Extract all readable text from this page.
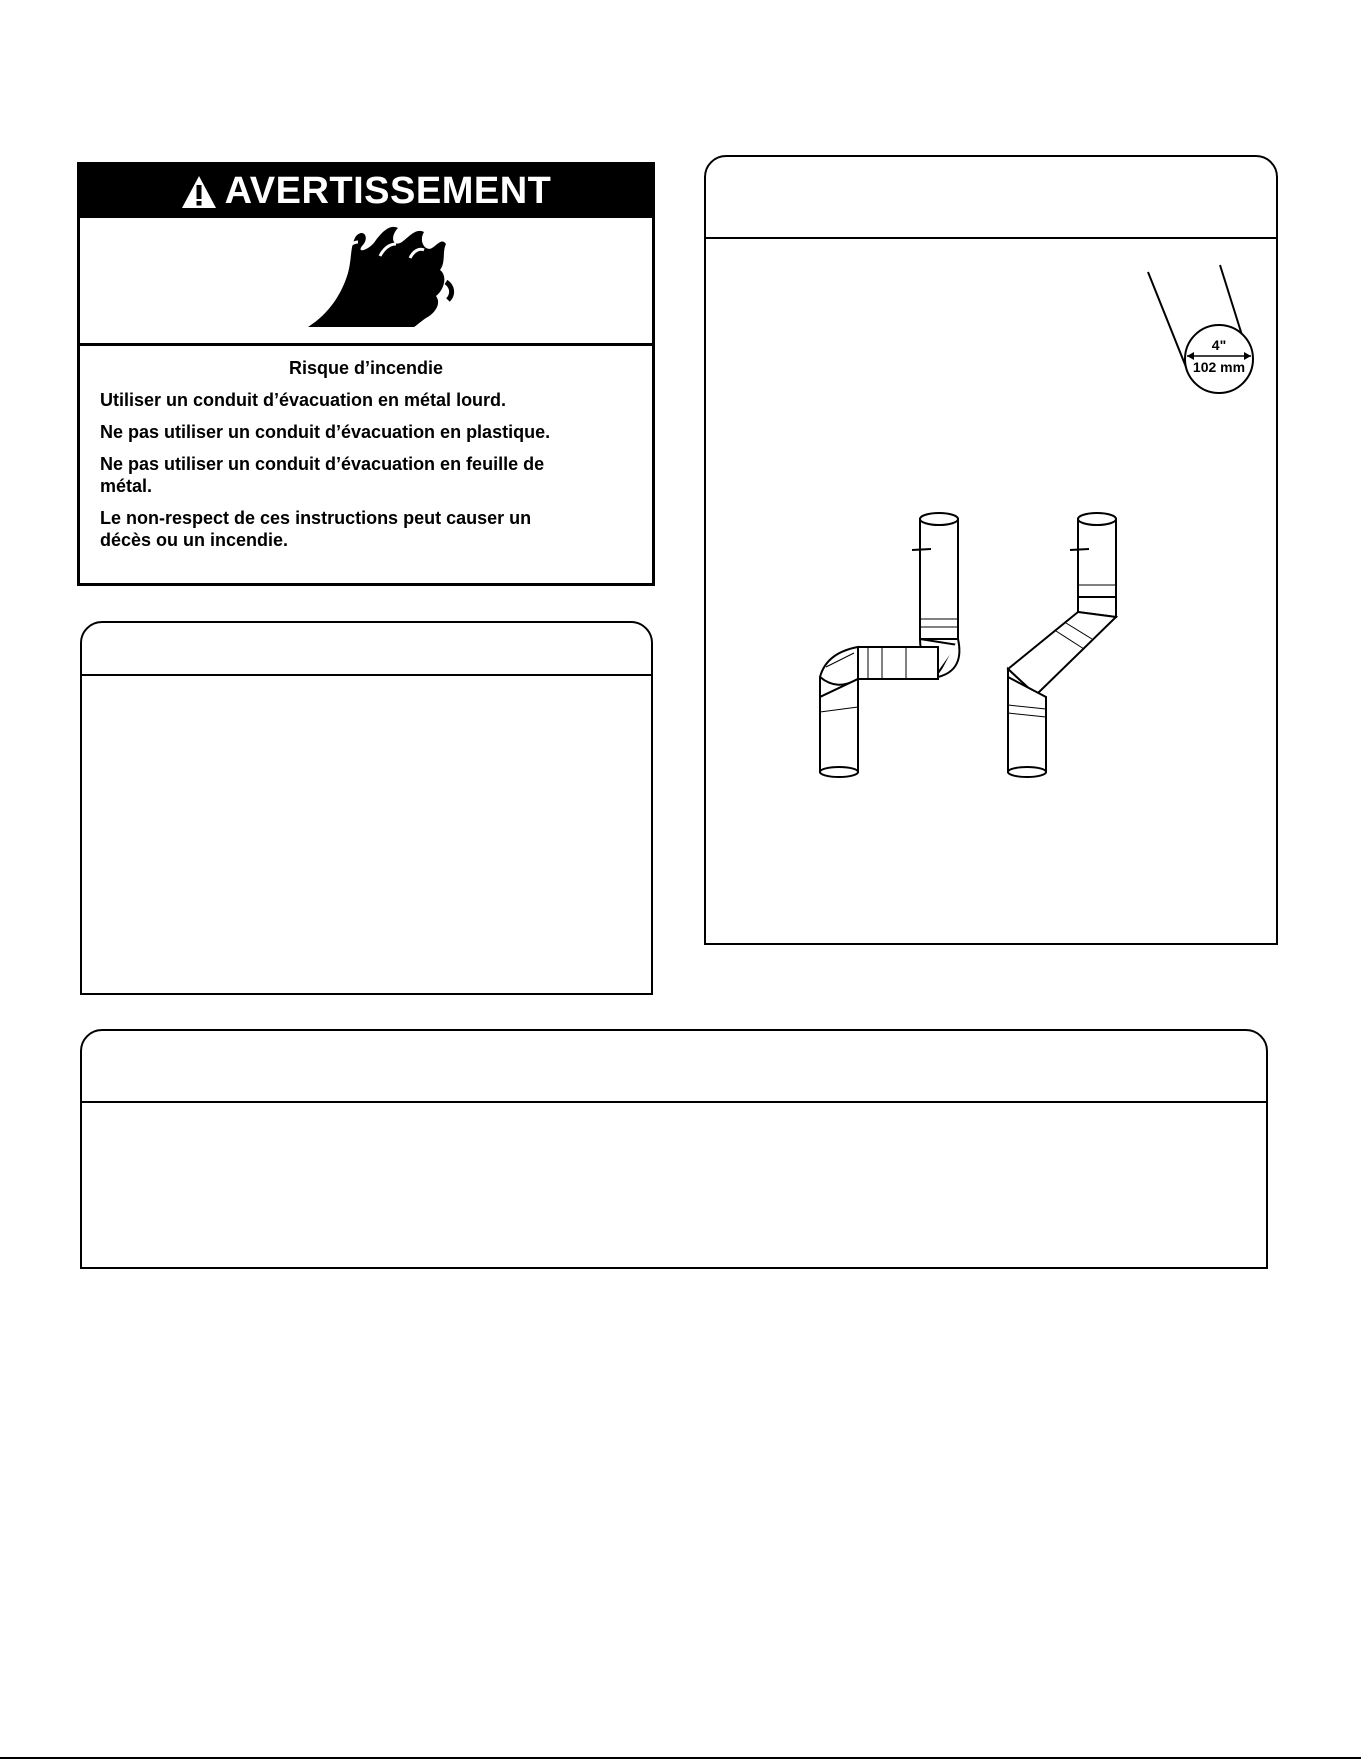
AVERTISSEMENT
Risque d’incendie
Utiliser un conduit d’évacuation en métal lourd.
Ne pas utiliser un conduit d’évacuation en plastique.
Ne pas utiliser un conduit d’évacuation en feuille de métal.
Le non-respect de ces instructions peut causer un décès ou un incendie.
4"
102 mm
